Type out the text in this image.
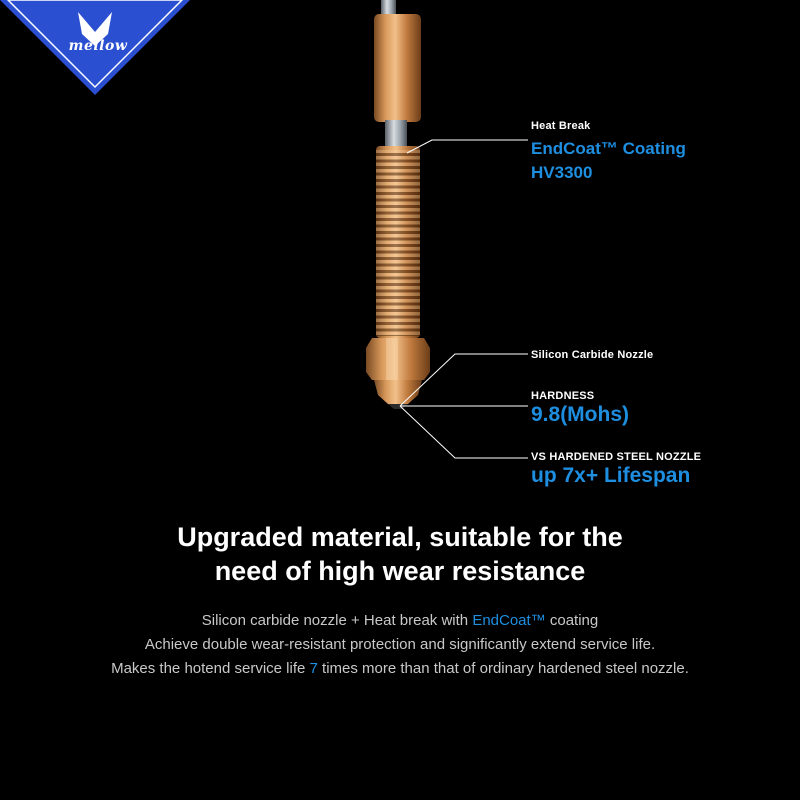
mellow
Heat Break
EndCoat™ Coating
HV3300
Silicon Carbide Nozzle
HARDNESS
9.8(Mohs)
VS HARDENED STEEL NOZZLE
up 7x+ Lifespan
Upgraded material, suitable for the
need of high wear resistance
Silicon carbide nozzle + Heat break with EndCoat™ coating
Achieve double wear-resistant protection and significantly extend service life.
Makes the hotend service life 7 times more than that of ordinary hardened steel nozzle.
